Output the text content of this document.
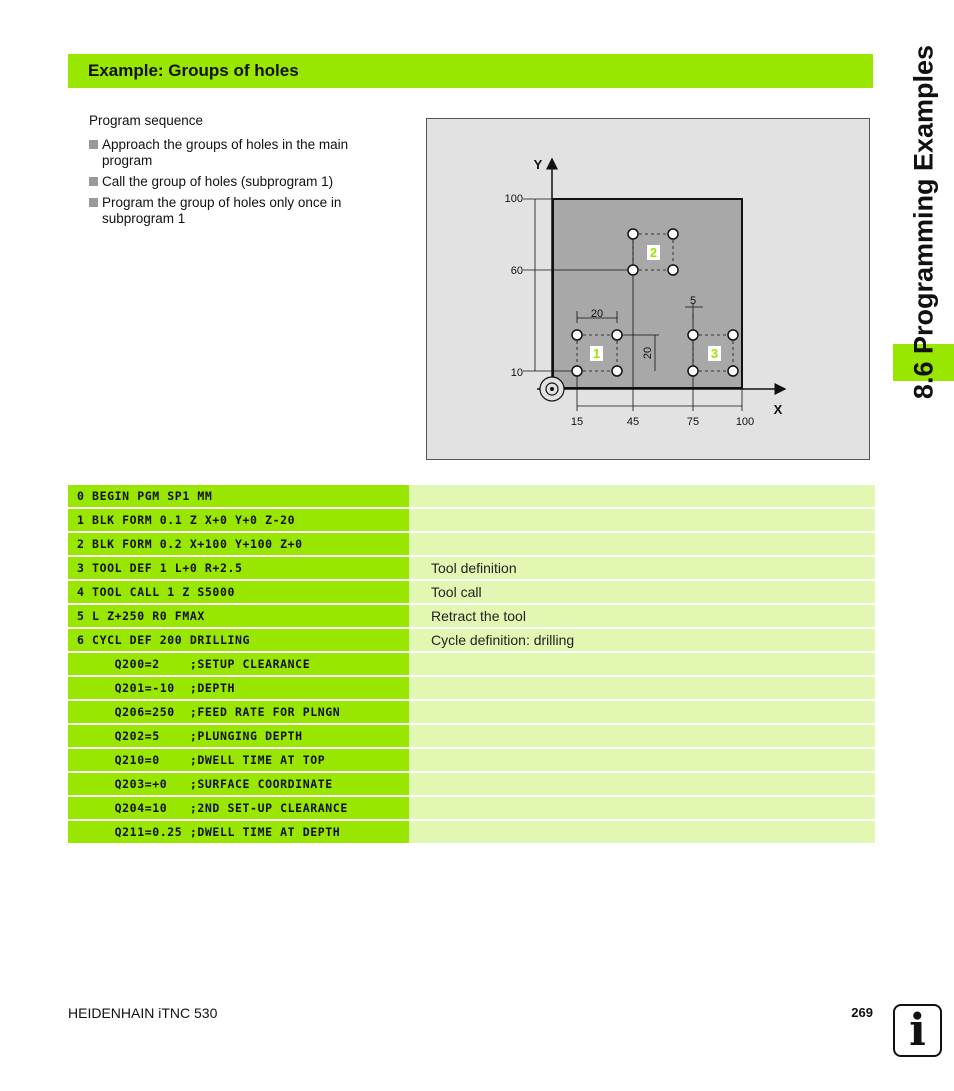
Example: Groups of holes	8.6 Programming Examples

Program sequence

Approach the groups of holes in the main program
Call the group of holes (subprogram 1)
Program the group of holes only once in subprogram 1
1
2
3
Y
X
100
60
10
15	45	75	100
20
20
5
0 BEGIN PGM SP1 MM
1 BLK FORM 0.1 Z X+0 Y+0 Z-20
2 BLK FORM 0.2 X+100 Y+100 Z+0
3 TOOL DEF 1 L+0 R+2.5	Tool definition
4 TOOL CALL 1 Z S5000	Tool call
5 L Z+250 R0 FMAX	Retract the tool
6 CYCL DEF 200 DRILLING	Cycle definition: drilling
Q200=2    ;SETUP CLEARANCE
Q201=-10  ;DEPTH
Q206=250  ;FEED RATE FOR PLNGN
Q202=5    ;PLUNGING DEPTH
Q210=0    ;DWELL TIME AT TOP
Q203=+0   ;SURFACE COORDINATE
Q204=10   ;2ND SET-UP CLEARANCE
Q211=0.25 ;DWELL TIME AT DEPTH
HEIDENHAIN iTNC 530	269 i
